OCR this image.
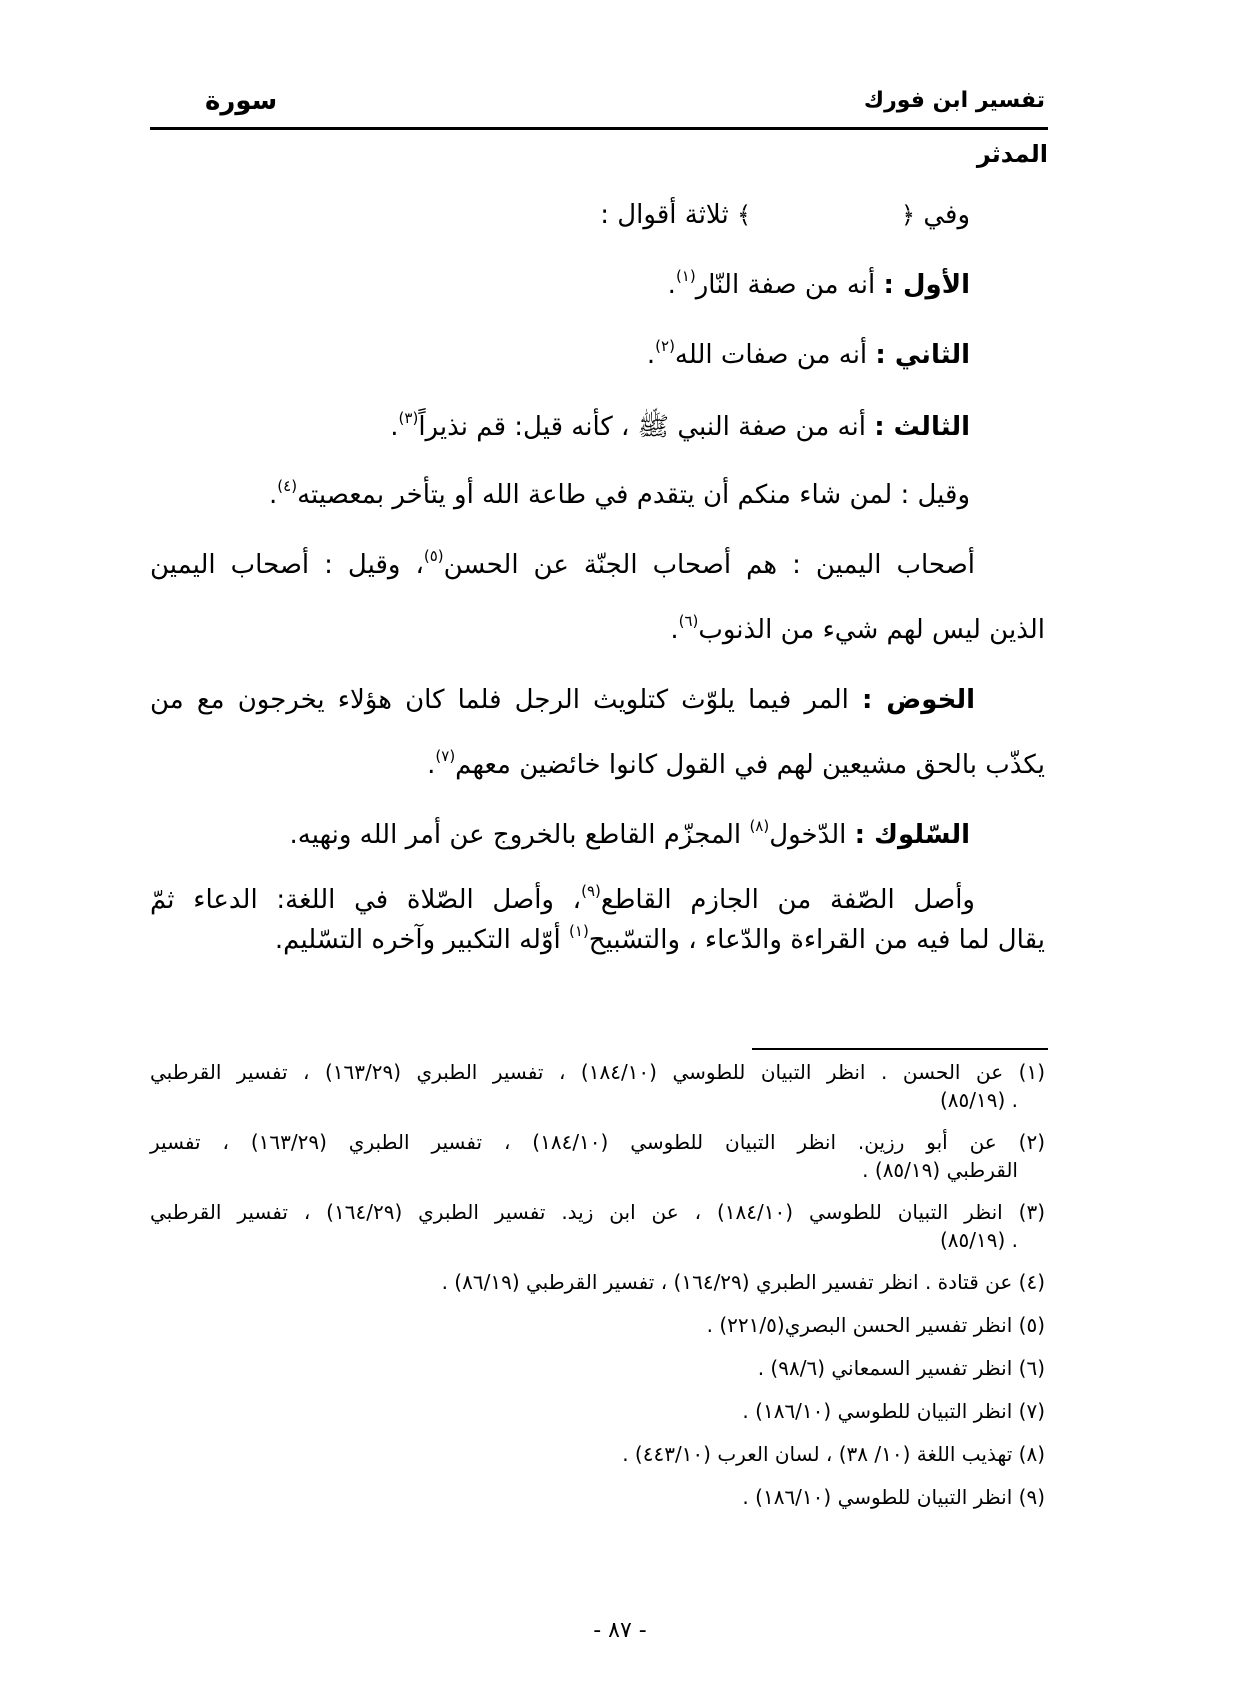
تفسير ابن فورك
سورة
المدثر
وفي ﴿﴾ ثلاثة أقوال :
الأول : أنه من صفة النّار$^{(١)}$.
الثاني : أنه من صفات الله$^{(٢)}$.
الثالث : أنه من صفة النبي ﷺ ، كأنه قيل: قم نذيراً$^{(٣)}$.
وقيل : لمن شاء منكم أن يتقدم في طاعة الله أو يتأخر بمعصيته$^{(٤)}$.
أصحاب اليمين : هم أصحاب الجنّة عن الحسن$^{(٥)}$، وقيل : أصحاب اليمين
الذين ليس لهم شيء من الذنوب$^{(٦)}$.
الخوض : المر فيما يلوّث كتلويث الرجل فلما كان هؤلاء يخرجون مع من
يكذّب بالحق مشيعين لهم في القول كانوا خائضين معهم$^{(٧)}$.
السّلوك : الدّخول$^{(٨)}$ المجزّم القاطع بالخروج عن أمر الله ونهيه.
وأصل الصّفة من الجازم القاطع$^{(٩)}$، وأصل الصّلاة في اللغة: الدعاء ثمّ
يقال لما فيه من القراءة والدّعاء ، والتسّبيح$^{(١)}$ أوّله التكبير وآخره التسّليم.
(١) عن الحسن . انظر التبيان للطوسي (١٨٤/١٠) ، تفسير الطبري (١٦٣/٢٩) ، تفسير القرطبي
. (٨٥/١٩)
(٢) عن أبو رزين. انظر التبيان للطوسي (١٨٤/١٠) ، تفسير الطبري (١٦٣/٢٩) ، تفسير
القرطبي (٨٥/١٩) .
(٣) انظر التبيان للطوسي (١٨٤/١٠) ، عن ابن زيد. تفسير الطبري (١٦٤/٢٩) ، تفسير القرطبي
. (٨٥/١٩)
(٤) عن قتادة . انظر تفسير الطبري (١٦٤/٢٩) ، تفسير القرطبي (٨٦/١٩) .
(٥) انظر تفسير الحسن البصري(٢٢١/٥) .
(٦) انظر تفسير السمعاني (٩٨/٦) .
(٧) انظر التبيان للطوسي (١٨٦/١٠) .
(٨) تهذيب اللغة (١٠/ ٣٨) ، لسان العرب (٤٤٣/١٠) .
(٩) انظر التبيان للطوسي (١٨٦/١٠) .
- ٨٧ -
